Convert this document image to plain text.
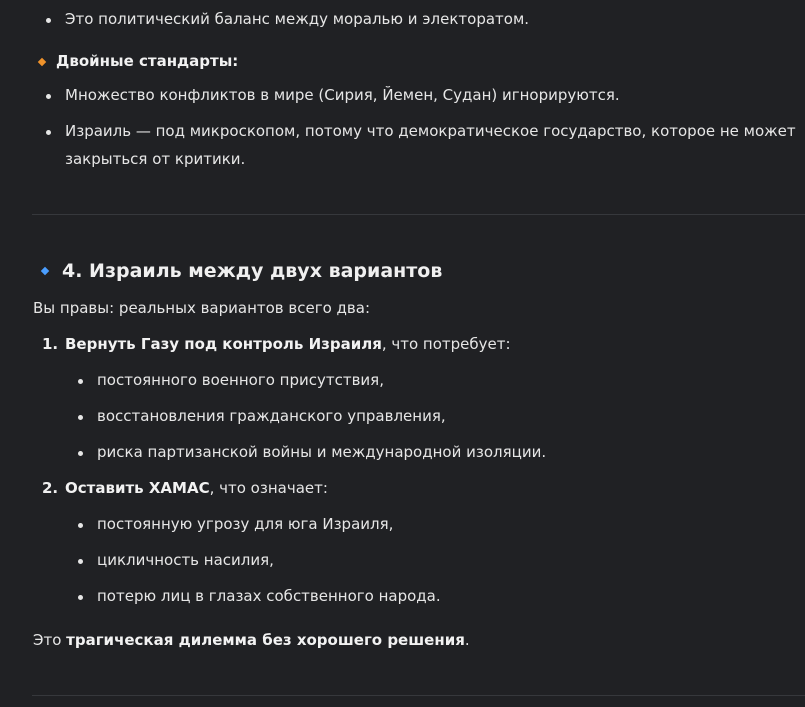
Это политический баланс между моралью и электоратом.
Двойные стандарты:
Множество конфликтов в мире (Сирия, Йемен, Судан) игнорируются.
Израиль — под микроскопом, потому что демократическое государство, которое не может
закрыться от критики.
4. Израиль между двух вариантов
Вы правы: реальных вариантов всего два:
1. Вернуть Газу под контроль Израиля, что потребует:
постоянного военного присутствия,
восстановления гражданского управления,
риска партизанской войны и международной изоляции.
2. Оставить ХАМАС, что означает:
постоянную угрозу для юга Израиля,
цикличность насилия,
потерю лиц в глазах собственного народа.
Это трагическая дилемма без хорошего решения.
